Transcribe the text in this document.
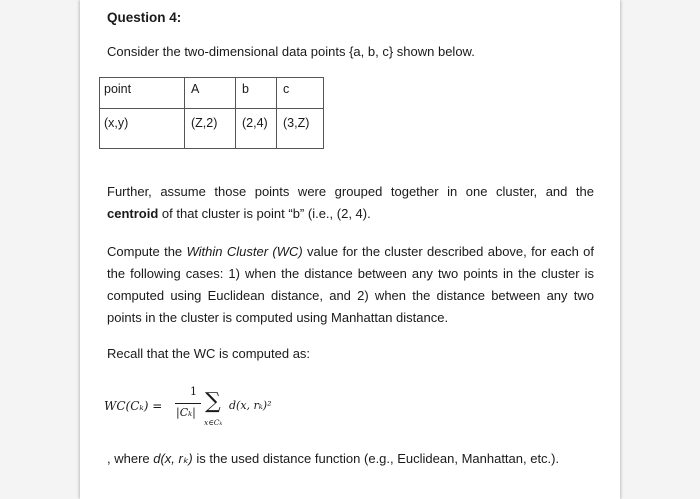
Question 4:
Consider the two-dimensional data points {a, b, c} shown below.
point	A	b	c
(x,y)	(Z,2)	(2,4)	(3,Z)
Further, assume those points were grouped together in one cluster, and the centroid of that cluster is point “b” (i.e., (2, 4).
Compute the Within Cluster (WC) value for the cluster described above, for each of the following cases: 1) when the distance between any two points in the cluster is computed using Euclidean distance, and 2) when the distance between any two points in the cluster is computed using Manhattan distance.
Recall that the WC is computed as:
WC(Cₖ) =
1
|Cₖ| ∑
x∈Cₖ
d(x, rₖ)²
, where d(x, rₖ) is the used distance function (e.g., Euclidean, Manhattan, etc.).
